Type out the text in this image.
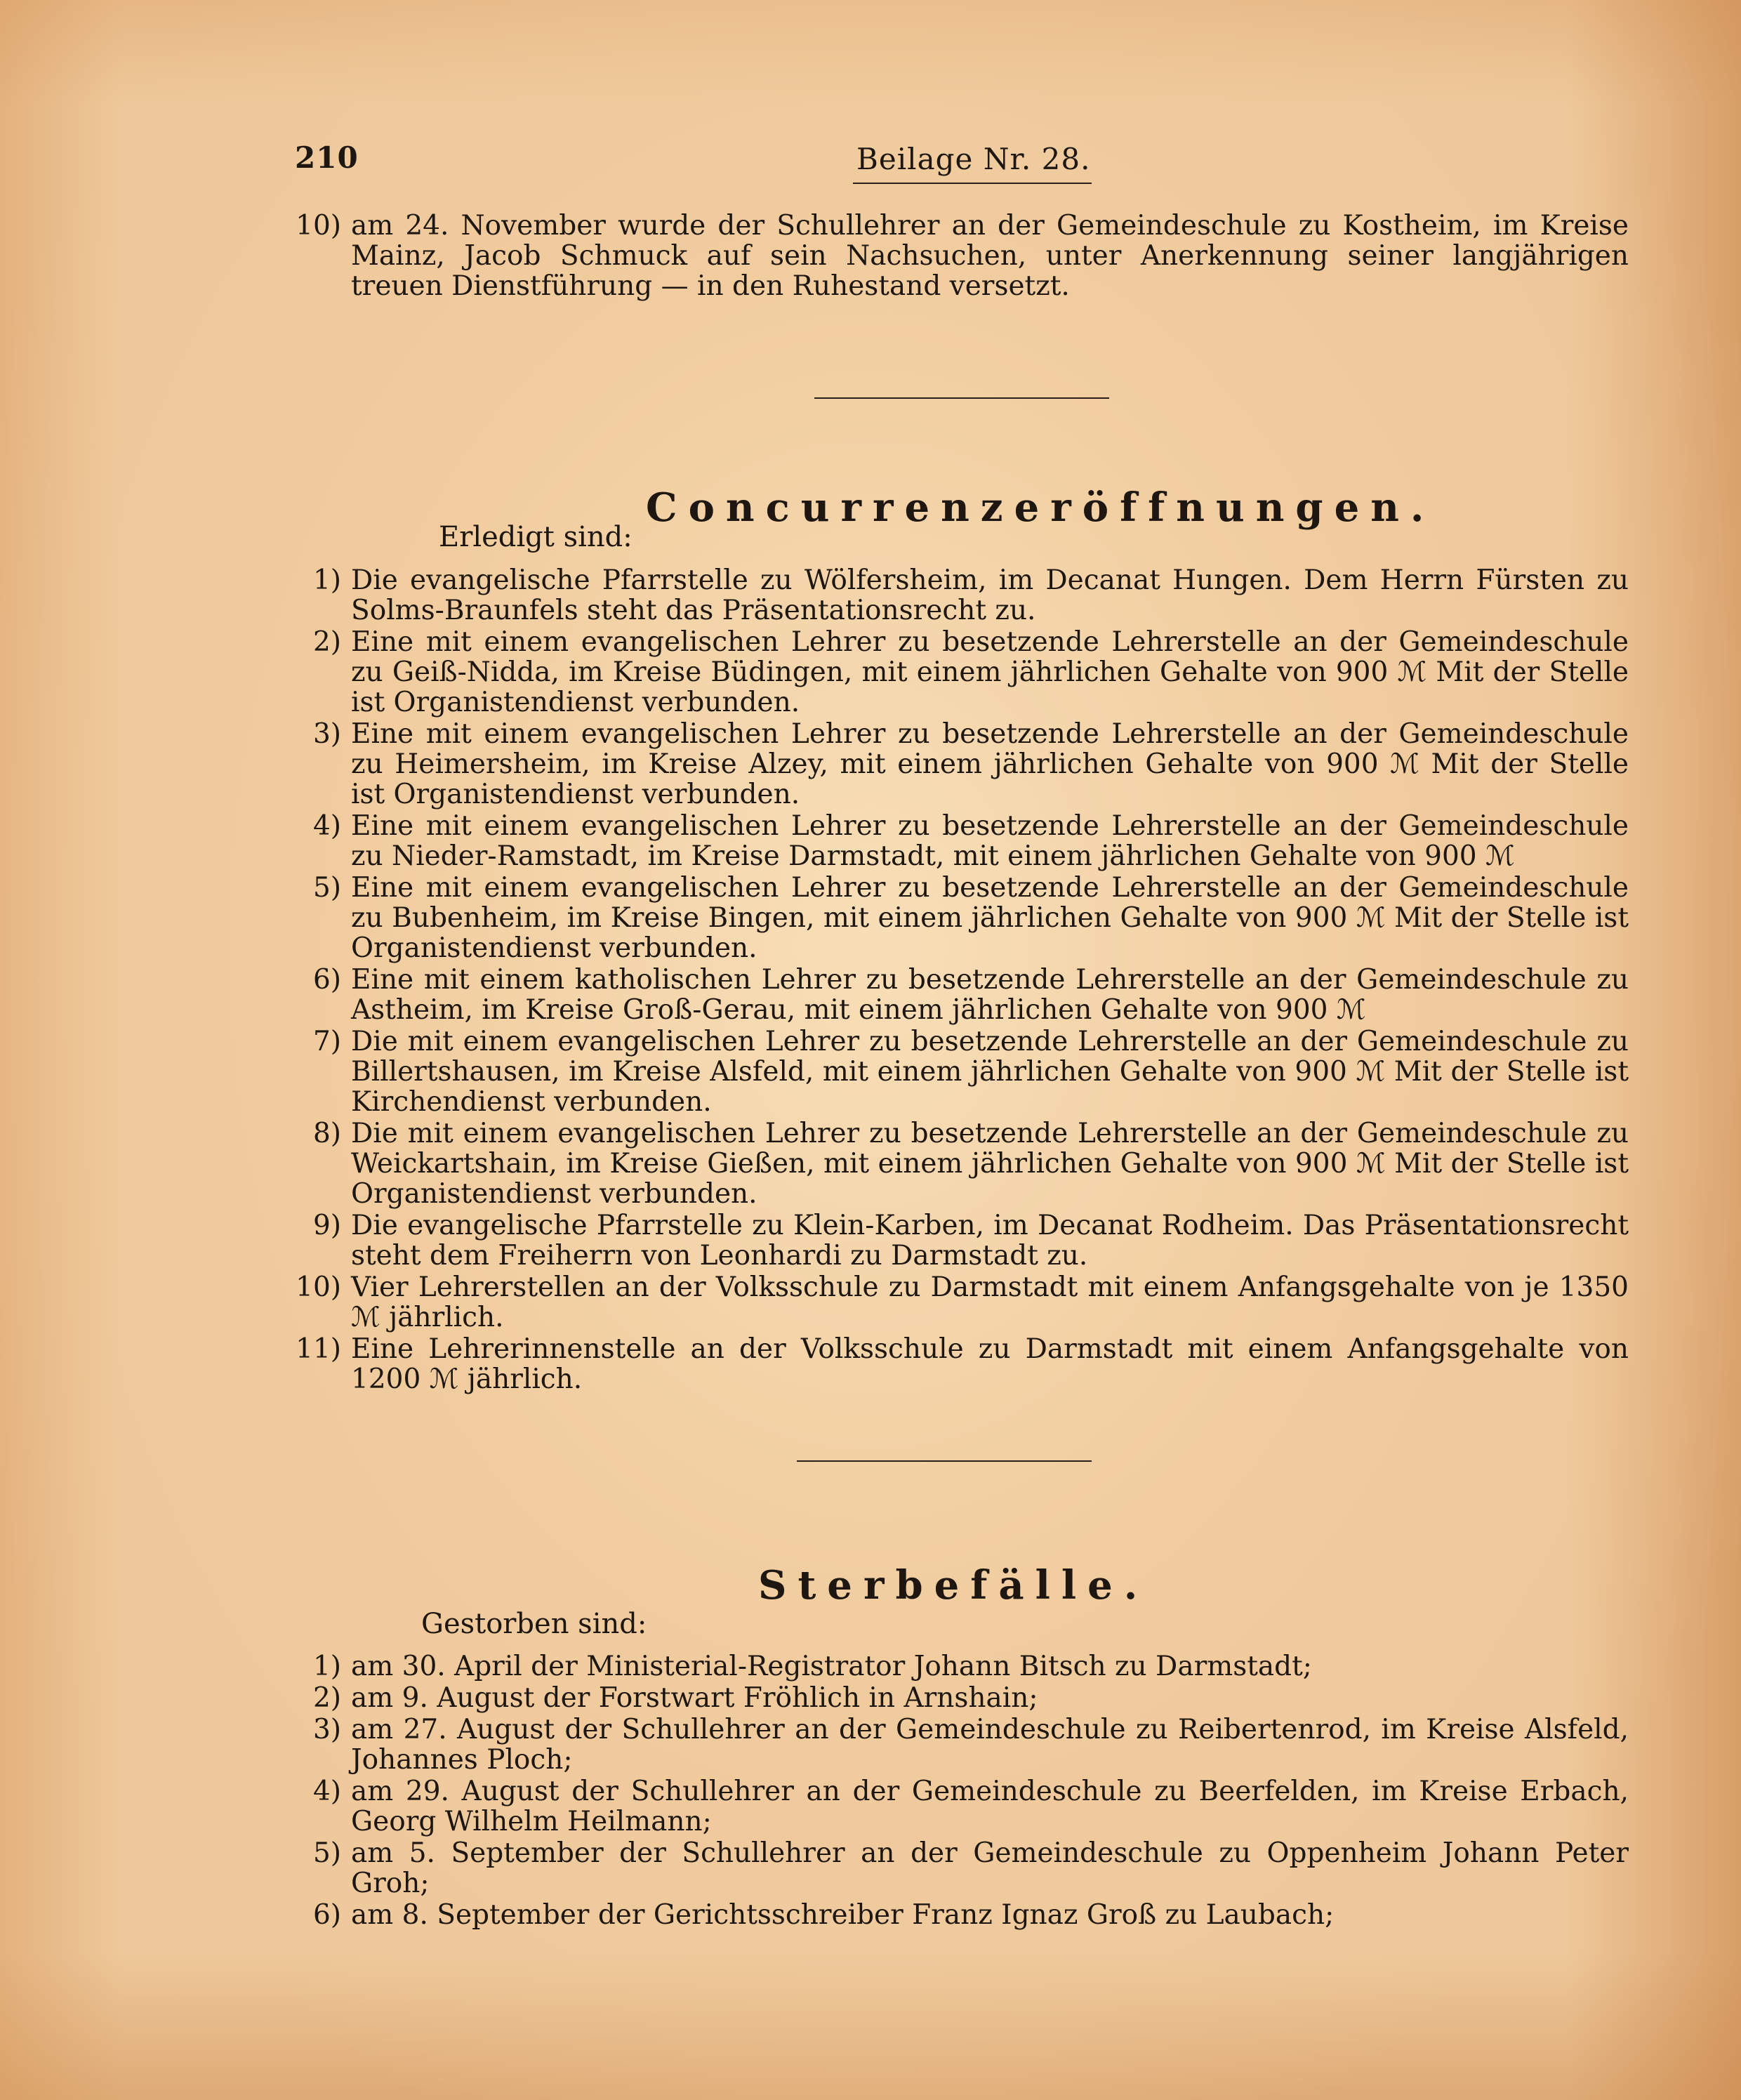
210	Beilage Nr. 28.
10) am 24. November wurde der Schullehrer an der Gemeindeschule zu Kostheim, im Kreise Mainz, Jacob Schmuck auf sein Nachsuchen, unter Anerkennung seiner langjährigen treuen Dienstführung — in den Ruhestand versetzt.
Concurrenzeröffnungen.
Erledigt sind:
1) Die evangelische Pfarrstelle zu Wölfersheim, im Decanat Hungen. Dem Herrn Fürsten zu Solms-Braunfels steht das Präsentationsrecht zu.
2) Eine mit einem evangelischen Lehrer zu besetzende Lehrerstelle an der Gemeindeschule zu Geiß-Nidda, im Kreise Büdingen, mit einem jährlichen Gehalte von 900 ℳ Mit der Stelle ist Organistendienst verbunden.
3) Eine mit einem evangelischen Lehrer zu besetzende Lehrerstelle an der Gemeindeschule zu Heimersheim, im Kreise Alzey, mit einem jährlichen Gehalte von 900 ℳ Mit der Stelle ist Organistendienst verbunden.
4) Eine mit einem evangelischen Lehrer zu besetzende Lehrerstelle an der Gemeindeschule zu Nieder-Ramstadt, im Kreise Darmstadt, mit einem jährlichen Gehalte von 900 ℳ
5) Eine mit einem evangelischen Lehrer zu besetzende Lehrerstelle an der Gemeindeschule zu Bubenheim, im Kreise Bingen, mit einem jährlichen Gehalte von 900 ℳ Mit der Stelle ist Organistendienst verbunden.
6) Eine mit einem katholischen Lehrer zu besetzende Lehrerstelle an der Gemeindeschule zu Astheim, im Kreise Groß-Gerau, mit einem jährlichen Gehalte von 900 ℳ
7) Die mit einem evangelischen Lehrer zu besetzende Lehrerstelle an der Gemeindeschule zu Billertshausen, im Kreise Alsfeld, mit einem jährlichen Gehalte von 900 ℳ Mit der Stelle ist Kirchendienst verbunden.
8) Die mit einem evangelischen Lehrer zu besetzende Lehrerstelle an der Gemeindeschule zu Weickartshain, im Kreise Gießen, mit einem jährlichen Gehalte von 900 ℳ Mit der Stelle ist Organistendienst verbunden.
9) Die evangelische Pfarrstelle zu Klein-Karben, im Decanat Rodheim. Das Präsentationsrecht steht dem Freiherrn von Leonhardi zu Darmstadt zu.
10) Vier Lehrerstellen an der Volksschule zu Darmstadt mit einem Anfangsgehalte von je 1350 ℳ jährlich.
11) Eine Lehrerinnenstelle an der Volksschule zu Darmstadt mit einem Anfangsgehalte von 1200 ℳ jährlich.
Sterbefälle.
Gestorben sind:
1) am 30. April der Ministerial-Registrator Johann Bitsch zu Darmstadt;
2) am 9. August der Forstwart Fröhlich in Arnshain;
3) am 27. August der Schullehrer an der Gemeindeschule zu Reibertenrod, im Kreise Alsfeld, Johannes Ploch;
4) am 29. August der Schullehrer an der Gemeindeschule zu Beerfelden, im Kreise Erbach, Georg Wilhelm Heilmann;
5) am 5. September der Schullehrer an der Gemeindeschule zu Oppenheim Johann Peter Groh;
6) am 8. September der Gerichtsschreiber Franz Ignaz Groß zu Laubach;
